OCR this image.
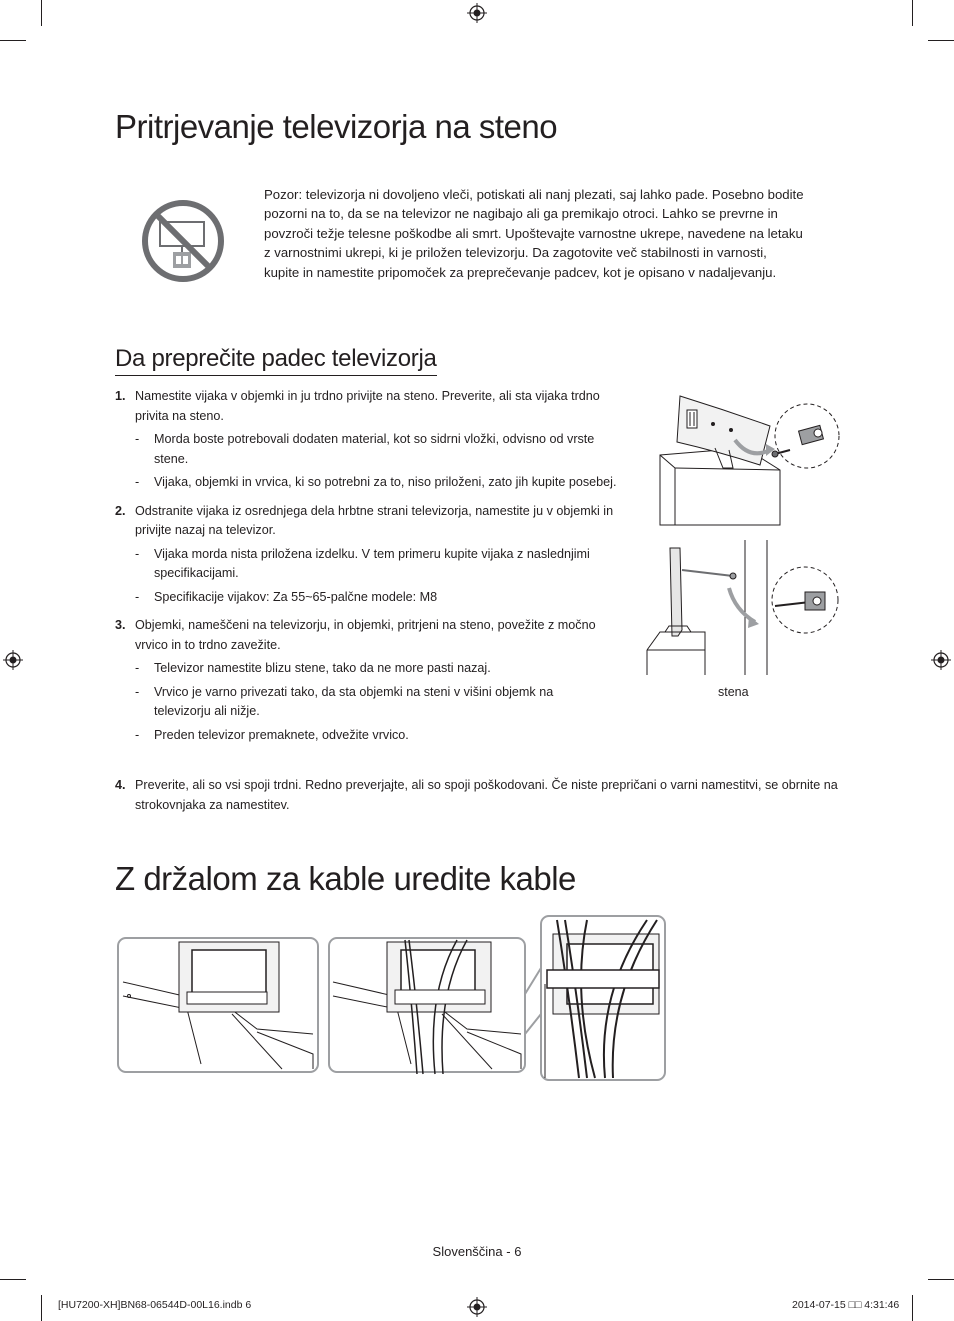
Pritrjevanje televizorja na steno
Pozor: televizorja ni dovoljeno vleči, potiskati ali nanj plezati, saj lahko pade. Posebno bodite pozorni na to, da se na televizor ne nagibajo ali ga premikajo otroci. Lahko se prevrne in povzroči težje telesne poškodbe ali smrt. Upoštevajte varnostne ukrepe, navedene na letaku z varnostnimi ukrepi, ki je priložen televizorju. Da zagotovite več stabilnosti in varnosti, kupite in namestite pripomoček za preprečevanje padcev, kot je opisano v nadaljevanju.
Da preprečite padec televizorja
1. Namestite vijaka v objemki in ju trdno privijte na steno. Preverite, ali sta vijaka trdno privita na steno.
- Morda boste potrebovali dodaten material, kot so sidrni vložki, odvisno od vrste stene.
- Vijaka, objemki in vrvica, ki so potrebni za to, niso priloženi, zato jih kupite posebej.
2. Odstranite vijaka iz osrednjega dela hrbtne strani televizorja, namestite ju v objemki in privijte nazaj na televizor.
- Vijaka morda nista priložena izdelku. V tem primeru kupite vijaka z naslednjimi specifikacijami.
- Specifikacije vijakov: Za 55~65-palčne modele: M8
3. Objemki, nameščeni na televizorju, in objemki, pritrjeni na steno, povežite z močno vrvico in to trdno zavežite.
- Televizor namestite blizu stene, tako da ne more pasti nazaj.
- Vrvico je varno privezati tako, da sta objemki na steni v višini objemk na televizorju ali nižje.
- Preden televizor premaknete, odvežite vrvico.
4. Preverite, ali so vsi spoji trdni. Redno preverjajte, ali so spoji poškodovani. Če niste prepričani o varni namestitvi, se obrnite na strokovnjaka za namestitev.
stena
Z držalom za kable uredite kable
Slovenščina - 6
[HU7200-XH]BN68-06544D-00L16.indb 6	2014-07-15 □□ 4:31:46
